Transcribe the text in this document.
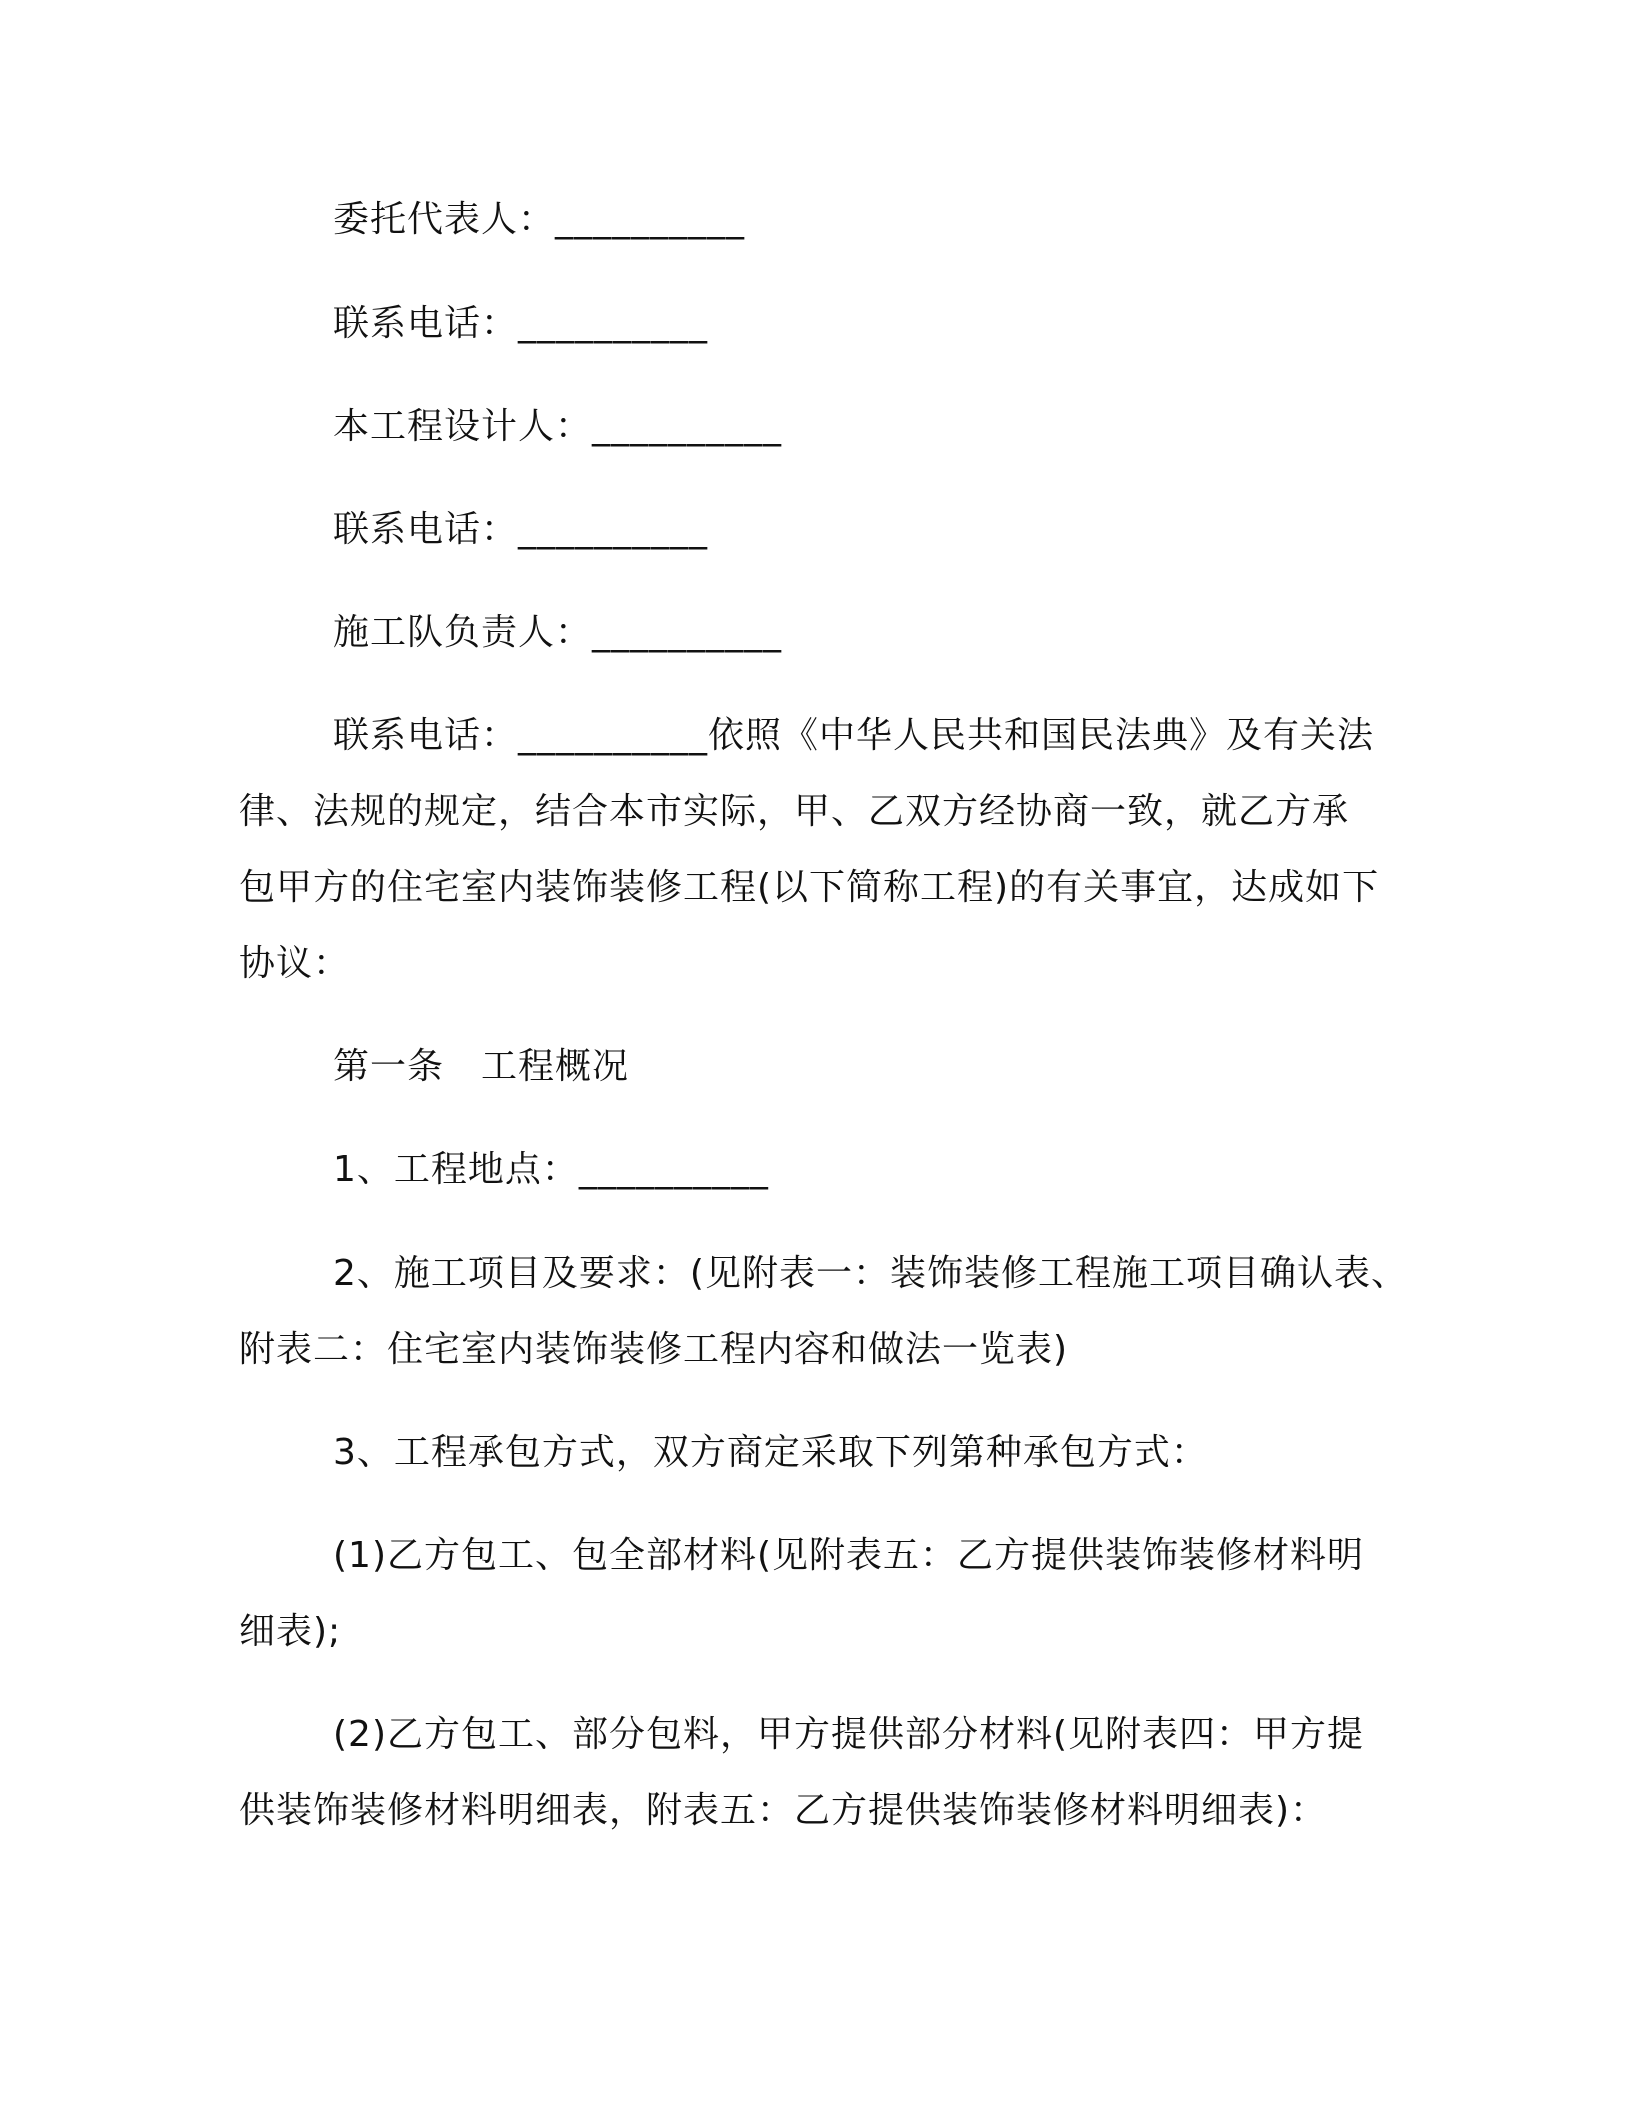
委托代表人：__________
联系电话：__________
本工程设计人：__________
联系电话：__________
施工队负责人：__________
联系电话：__________依照《中华人民共和国民法典》及有关法
律、法规的规定，结合本市实际，甲、乙双方经协商一致，就乙方承
包甲方的住宅室内装饰装修工程(以下简称工程)的有关事宜，达成如下
协议：
第一条　工程概况
1、工程地点：__________
2、施工项目及要求：(见附表一：装饰装修工程施工项目确认表、
附表二：住宅室内装饰装修工程内容和做法一览表)
3、工程承包方式，双方商定采取下列第种承包方式：
(1)乙方包工、包全部材料(见附表五：乙方提供装饰装修材料明
细表);
(2)乙方包工、部分包料，甲方提供部分材料(见附表四：甲方提
供装饰装修材料明细表，附表五：乙方提供装饰装修材料明细表)：
